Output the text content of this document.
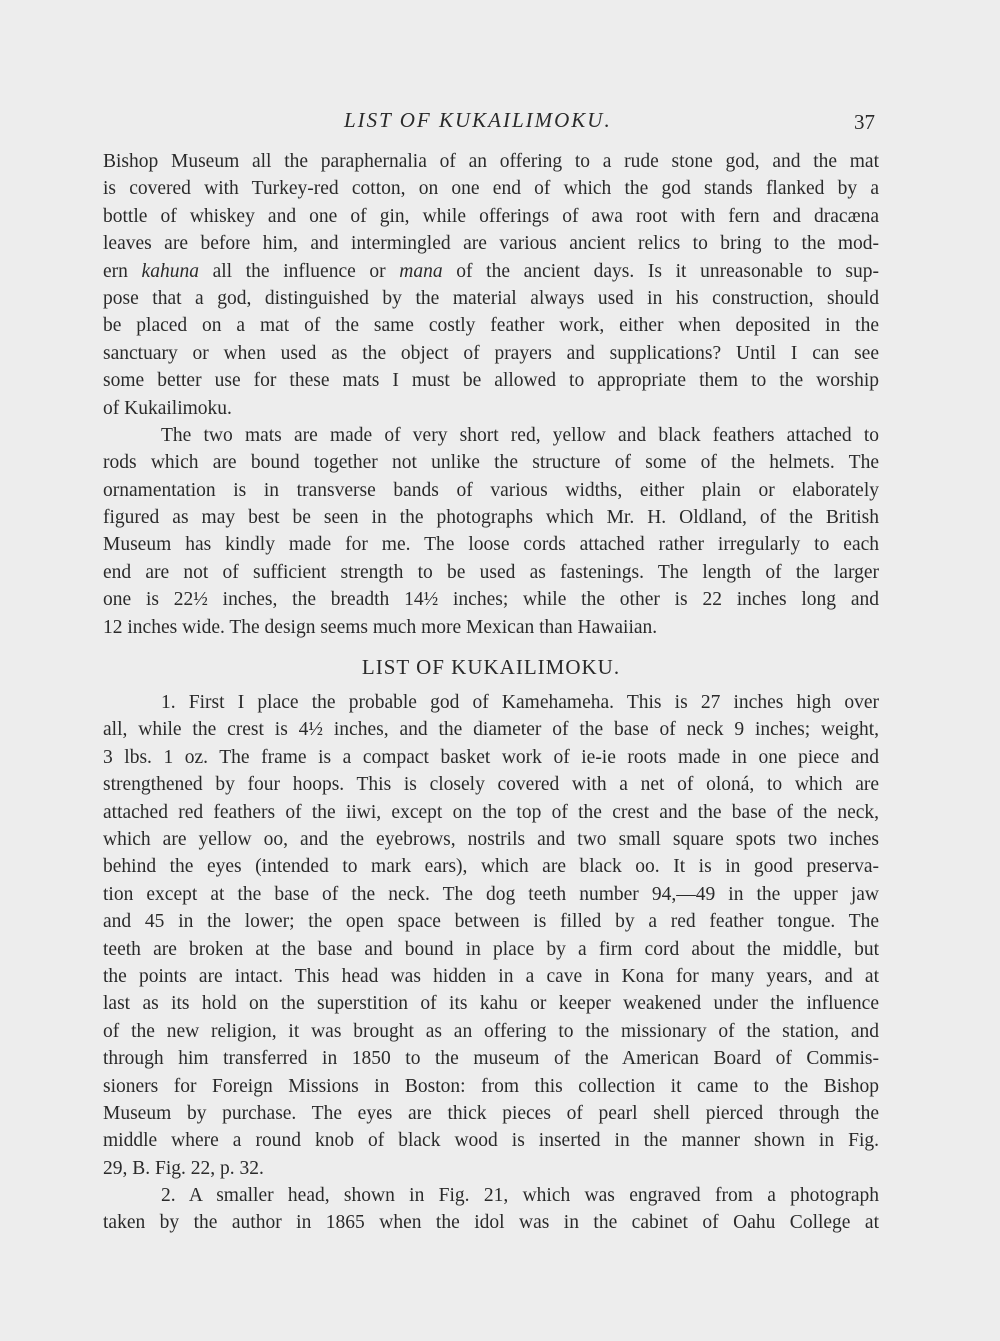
LIST OF KUKAILIMOKU.	37
Bishop Museum all the paraphernalia of an offering to a rude stone god, and the mat
is covered with Turkey-red cotton, on one end of which the god stands flanked by a
bottle of whiskey and one of gin, while offerings of awa root with fern and dracæna
leaves are before him, and intermingled are various ancient relics to bring to the mod-
ern kahuna all the influence or mana of the ancient days. Is it unreasonable to sup-
pose that a god, distinguished by the material always used in his construction, should
be placed on a mat of the same costly feather work, either when deposited in the
sanctuary or when used as the object of prayers and supplications? Until I can see
some better use for these mats I must be allowed to appropriate them to the worship
of Kukailimoku.
The two mats are made of very short red, yellow and black feathers attached to
rods which are bound together not unlike the structure of some of the helmets. The
ornamentation is in transverse bands of various widths, either plain or elaborately
figured as may best be seen in the photographs which Mr. H. Oldland, of the British
Museum has kindly made for me. The loose cords attached rather irregularly to each
end are not of sufficient strength to be used as fastenings. The length of the larger
one is 22½ inches, the breadth 14½ inches; while the other is 22 inches long and
12 inches wide. The design seems much more Mexican than Hawaiian.
LIST OF KUKAILIMOKU.
1. First I place the probable god of Kamehameha. This is 27 inches high over
all, while the crest is 4½ inches, and the diameter of the base of neck 9 inches; weight,
3 lbs. 1 oz. The frame is a compact basket work of ie-ie roots made in one piece and
strengthened by four hoops. This is closely covered with a net of oloná, to which are
attached red feathers of the iiwi, except on the top of the crest and the base of the neck,
which are yellow oo, and the eyebrows, nostrils and two small square spots two inches
behind the eyes (intended to mark ears), which are black oo. It is in good preserva-
tion except at the base of the neck. The dog teeth number 94,—49 in the upper jaw
and 45 in the lower; the open space between is filled by a red feather tongue. The
teeth are broken at the base and bound in place by a firm cord about the middle, but
the points are intact. This head was hidden in a cave in Kona for many years, and at
last as its hold on the superstition of its kahu or keeper weakened under the influence
of the new religion, it was brought as an offering to the missionary of the station, and
through him transferred in 1850 to the museum of the American Board of Commis-
sioners for Foreign Missions in Boston: from this collection it came to the Bishop
Museum by purchase. The eyes are thick pieces of pearl shell pierced through the
middle where a round knob of black wood is inserted in the manner shown in Fig.
29, B. Fig. 22, p. 32.
2. A smaller head, shown in Fig. 21, which was engraved from a photograph
taken by the author in 1865 when the idol was in the cabinet of Oahu College at
